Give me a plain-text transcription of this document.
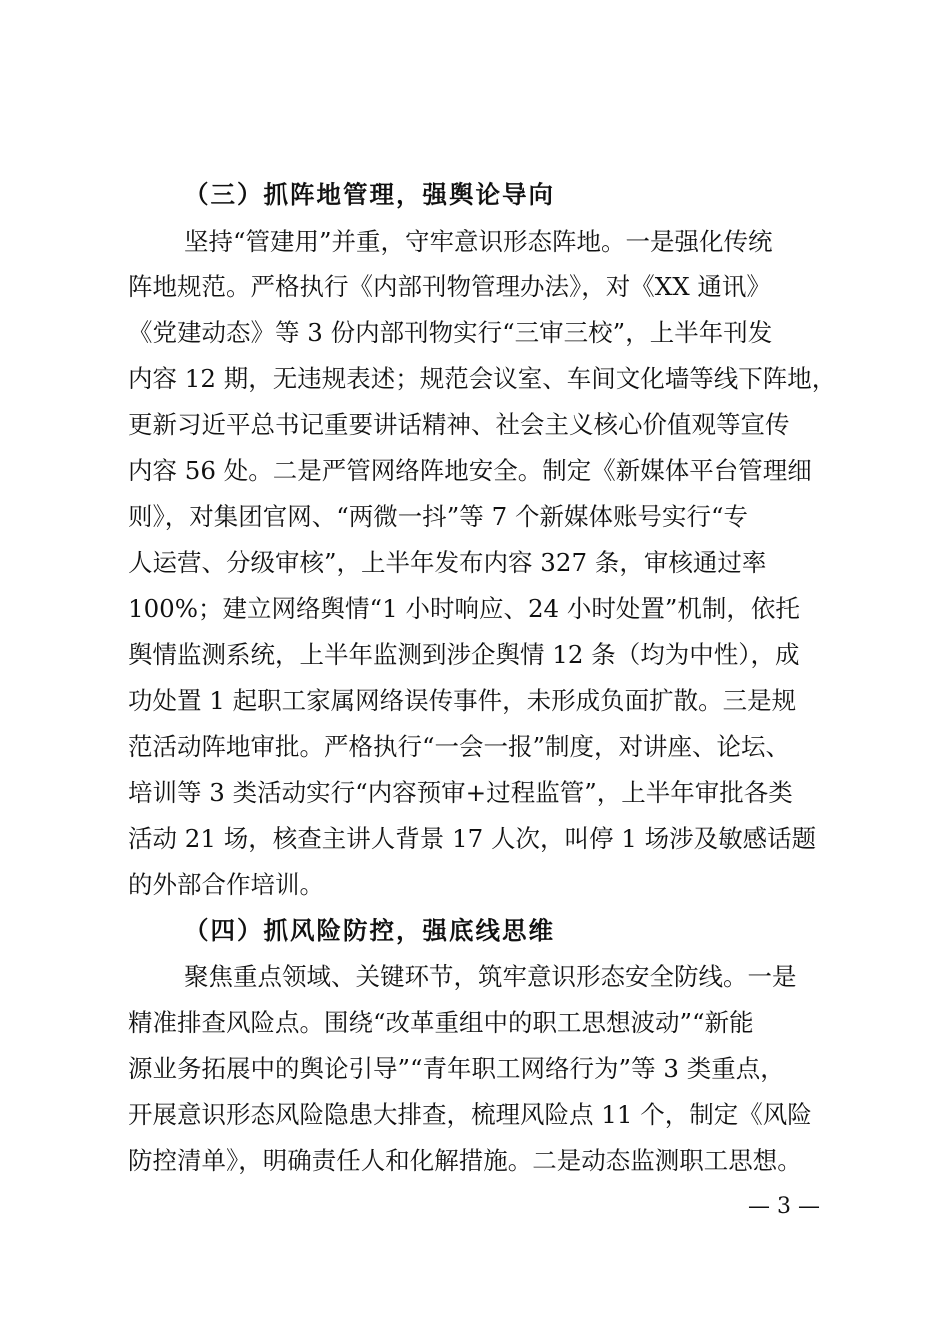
（三）抓阵地管理，强舆论导向
坚持“管建用”并重，守牢意识形态阵地。一是强化传统
阵地规范。严格执行《内部刊物管理办法》，对《XX 通讯》
《党建动态》等 3 份内部刊物实行“三审三校”，上半年刊发
内容 12 期，无违规表述；规范会议室、车间文化墙等线下阵地，
更新习近平总书记重要讲话精神、社会主义核心价值观等宣传
内容 56 处。二是严管网络阵地安全。制定《新媒体平台管理细
则》，对集团官网、“两微一抖”等 7 个新媒体账号实行“专
人运营、分级审核”，上半年发布内容 327 条，审核通过率
100%；建立网络舆情“1 小时响应、24 小时处置”机制，依托
舆情监测系统，上半年监测到涉企舆情 12 条（均为中性），成
功处置 1 起职工家属网络误传事件，未形成负面扩散。三是规
范活动阵地审批。严格执行“一会一报”制度，对讲座、论坛、
培训等 3 类活动实行“内容预审+过程监管”，上半年审批各类
活动 21 场，核查主讲人背景 17 人次，叫停 1 场涉及敏感话题
的外部合作培训。
（四）抓风险防控，强底线思维
聚焦重点领域、关键环节，筑牢意识形态安全防线。一是
精准排查风险点。围绕“改革重组中的职工思想波动”“新能
源业务拓展中的舆论引导”“青年职工网络行为”等 3 类重点，
开展意识形态风险隐患大排查，梳理风险点 11 个，制定《风险
防控清单》，明确责任人和化解措施。二是动态监测职工思想。
— 3 —
